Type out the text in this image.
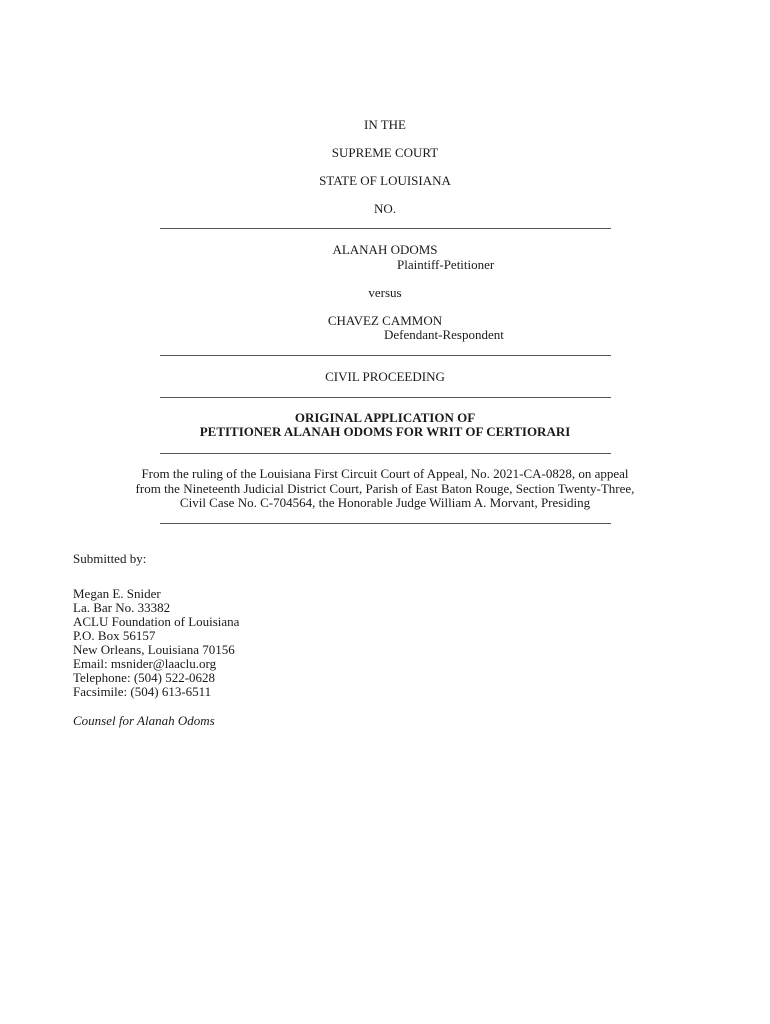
IN THE
SUPREME COURT
STATE OF LOUISIANA
NO.
ALANAH ODOMS
Plaintiff-Petitioner
versus
CHAVEZ CAMMON
Defendant-Respondent
CIVIL PROCEEDING
ORIGINAL APPLICATION OF
PETITIONER ALANAH ODOMS FOR WRIT OF CERTIORARI
From the ruling of the Louisiana First Circuit Court of Appeal, No. 2021-CA-0828, on appeal
from the Nineteenth Judicial District Court, Parish of East Baton Rouge, Section Twenty-Three,
Civil Case No. C-704564, the Honorable Judge William A. Morvant, Presiding
Submitted by:
Megan E. Snider
La. Bar No. 33382
ACLU Foundation of Louisiana
P.O. Box 56157
New Orleans, Louisiana 70156
Email: msnider@laaclu.org
Telephone: (504) 522-0628
Facsimile: (504) 613-6511
Counsel for Alanah Odoms
